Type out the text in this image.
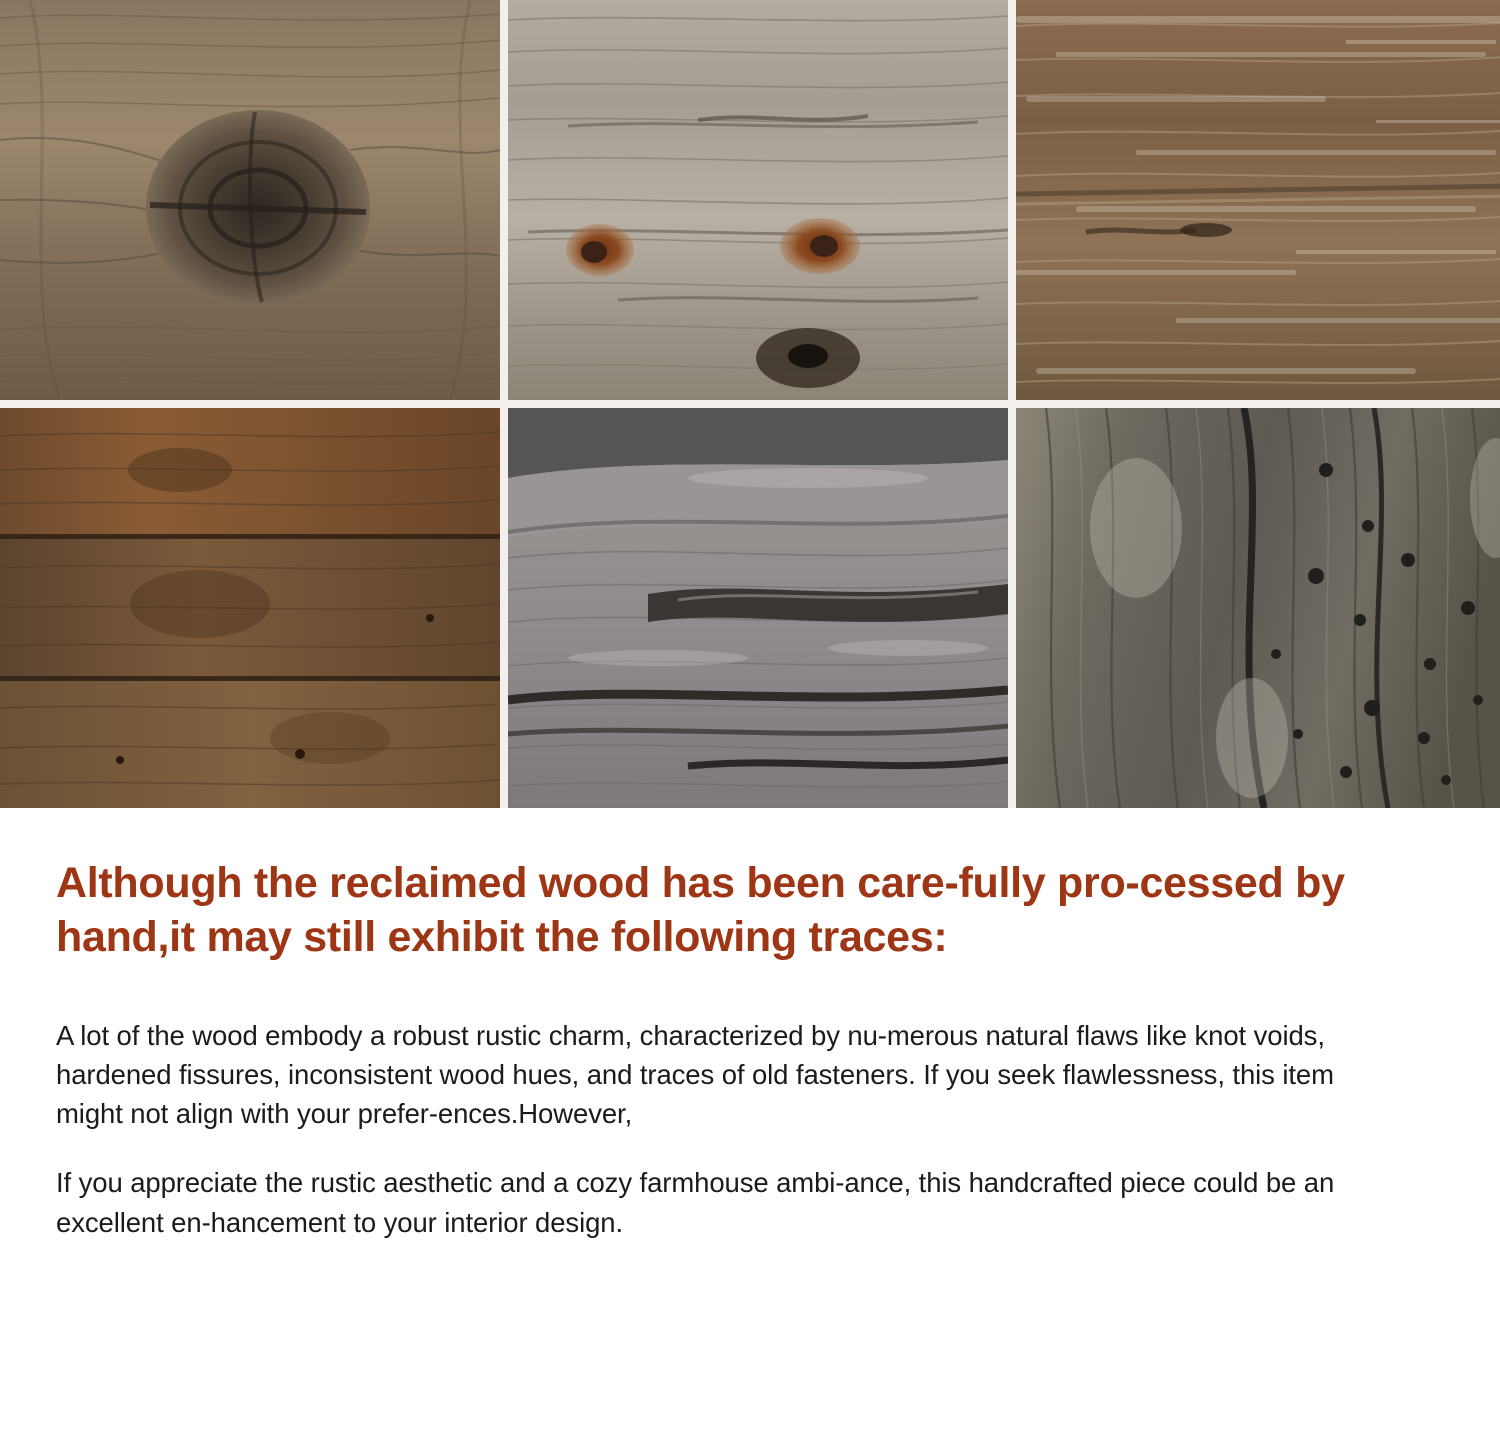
Although the reclaimed wood has been care-fully pro-cessed by hand,it may still exhibit the following traces:

A lot of the wood embody a robust rustic charm, characterized by nu-merous natural flaws like knot voids, hardened fissures, inconsistent wood hues, and traces of old fasteners. If you seek flawlessness, this item might not align with your prefer-ences.However,

If you appreciate the rustic aesthetic and a cozy farmhouse ambi-ance, this handcrafted piece could be an excellent en-hancement to your interior design.
